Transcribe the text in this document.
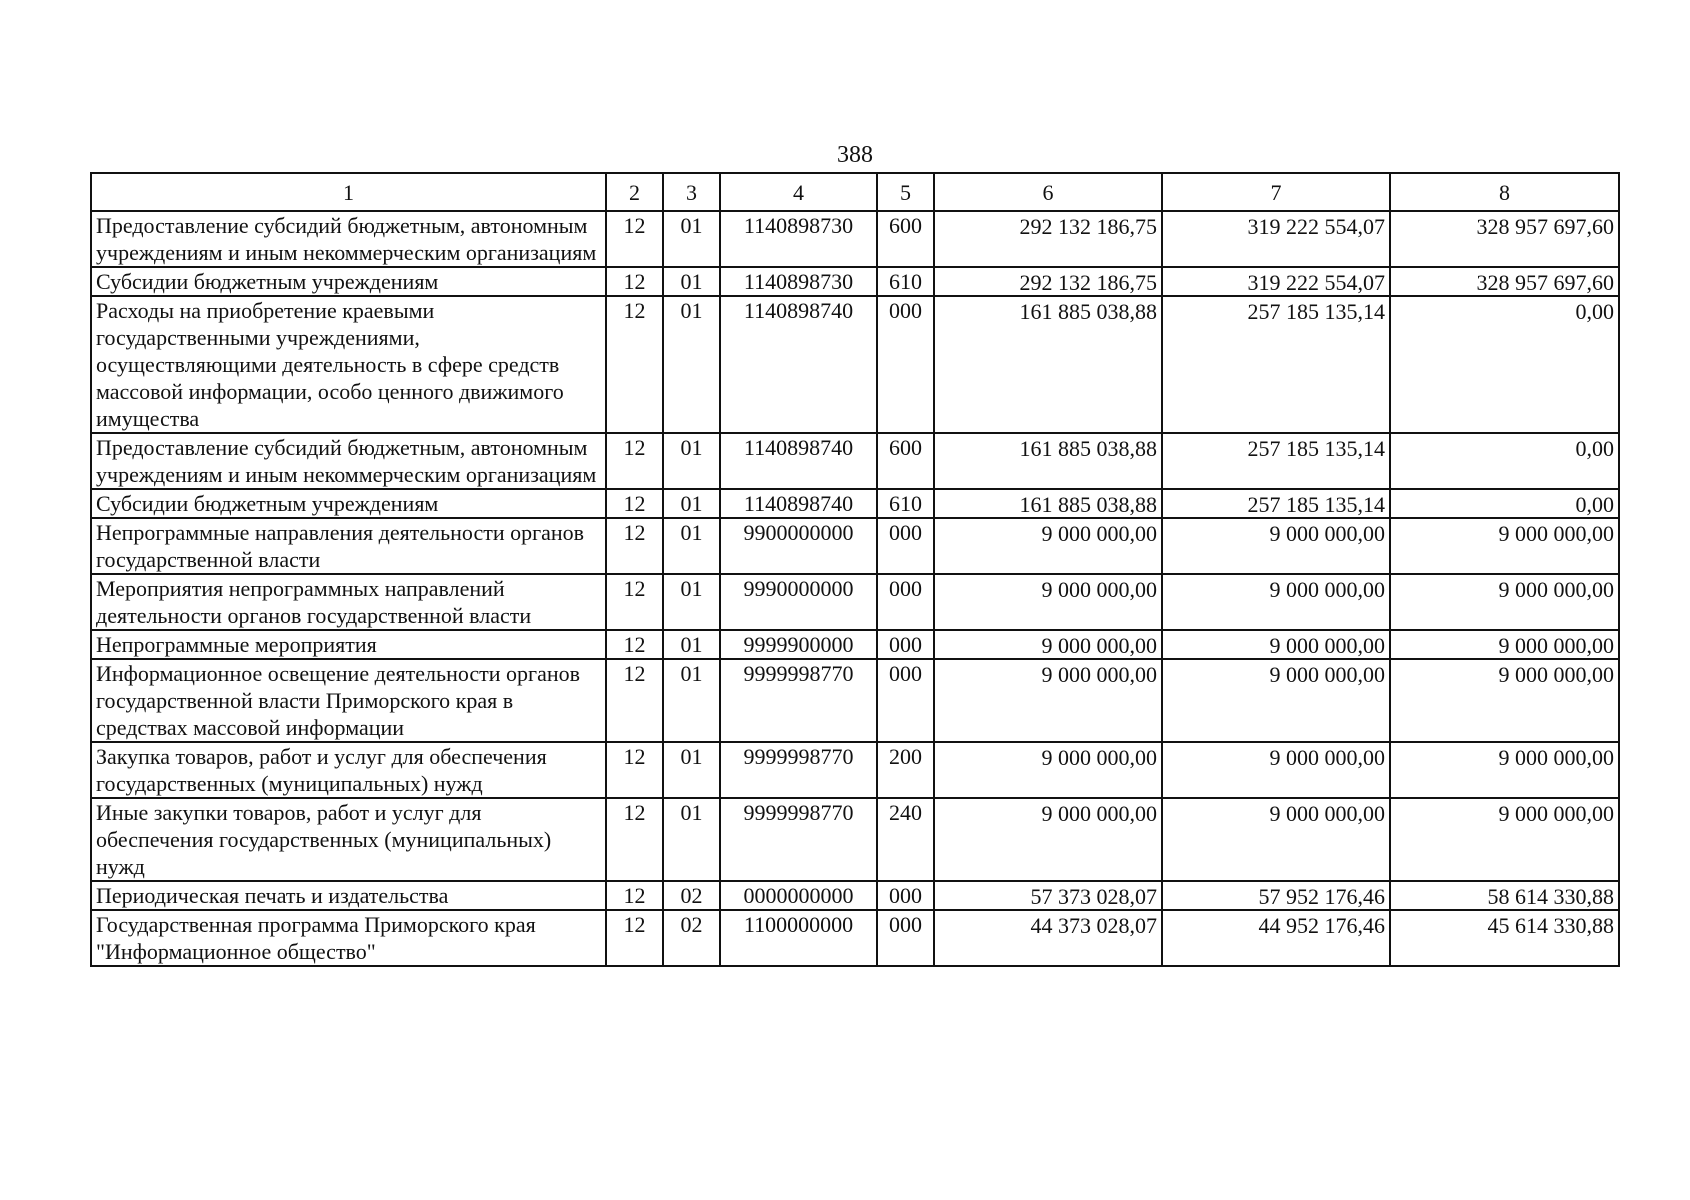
388
1	2	3	4	5	6	7	8
Предоставление субсидий бюджетным, автономным учреждениям и иным некоммерческим организациям	12	01	1140898730	600	292 132 186,75	319 222 554,07	328 957 697,60
Субсидии бюджетным учреждениям	12	01	1140898730	610	292 132 186,75	319 222 554,07	328 957 697,60
Расходы на приобретение краевыми государственными учреждениями, осуществляющими деятельность в сфере средств массовой информации, особо ценного движимого имущества	12	01	1140898740	000	161 885 038,88	257 185 135,14	0,00
Предоставление субсидий бюджетным, автономным учреждениям и иным некоммерческим организациям	12	01	1140898740	600	161 885 038,88	257 185 135,14	0,00
Субсидии бюджетным учреждениям	12	01	1140898740	610	161 885 038,88	257 185 135,14	0,00
Непрограммные направления деятельности органов государственной власти	12	01	9900000000	000	9 000 000,00	9 000 000,00	9 000 000,00
Мероприятия непрограммных направлений деятельности органов государственной власти	12	01	9990000000	000	9 000 000,00	9 000 000,00	9 000 000,00
Непрограммные мероприятия	12	01	9999900000	000	9 000 000,00	9 000 000,00	9 000 000,00
Информационное освещение деятельности органов государственной власти Приморского края в средствах массовой информации	12	01	9999998770	000	9 000 000,00	9 000 000,00	9 000 000,00
Закупка товаров, работ и услуг для обеспечения государственных (муниципальных) нужд	12	01	9999998770	200	9 000 000,00	9 000 000,00	9 000 000,00
Иные закупки товаров, работ и услуг для обеспечения государственных (муниципальных) нужд	12	01	9999998770	240	9 000 000,00	9 000 000,00	9 000 000,00
Периодическая печать и издательства	12	02	0000000000	000	57 373 028,07	57 952 176,46	58 614 330,88
Государственная программа Приморского края "Информационное общество"	12	02	1100000000	000	44 373 028,07	44 952 176,46	45 614 330,88
